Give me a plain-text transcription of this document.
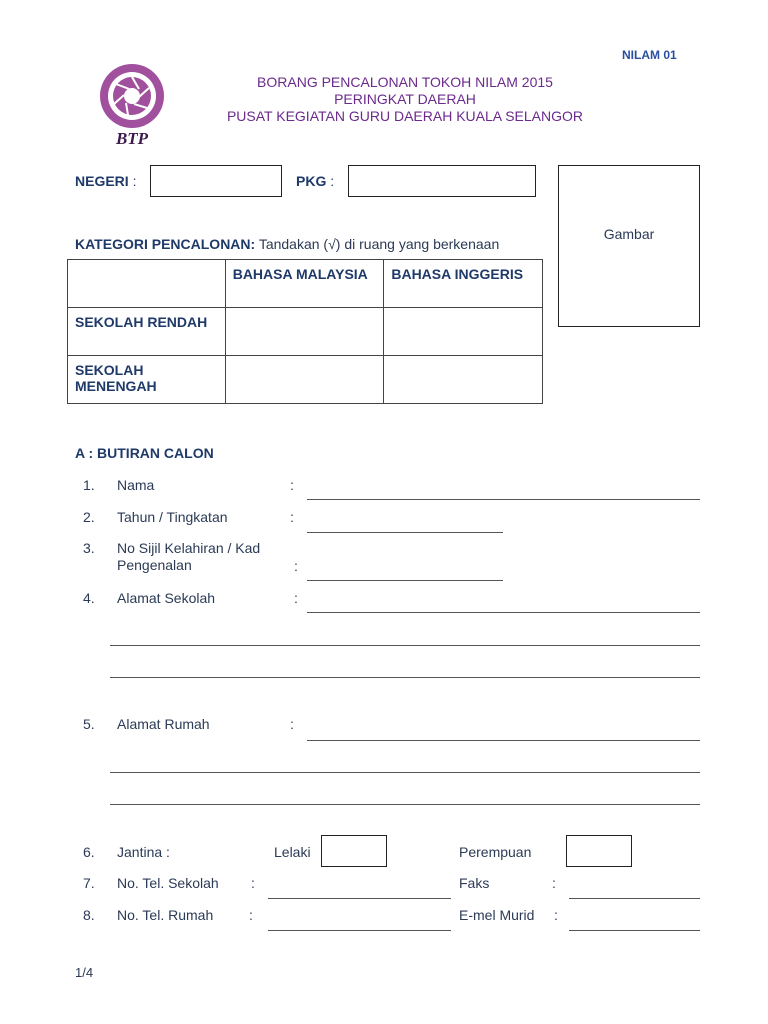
NILAM 01
BTP
BORANG PENCALONAN TOKOH NILAM 2015
PERINGKAT DAERAH
PUSAT KEGIATAN GURU DAERAH KUALA SELANGOR
NEGERI :	PKG :
Gambar
KATEGORI PENCALONAN: Tandakan (√) di ruang yang berkenaan
	BAHASA MALAYSIA	BAHASA INGGERIS
SEKOLAH RENDAH		
SEKOLAH MENENGAH		
A : BUTIRAN CALON
1. Nama	:
2. Tahun / Tingkatan	:
3. No Sijil Kelahiran / Kad Pengenalan	:
4. Alamat Sekolah	:
5. Alamat Rumah	:
6. Jantina :	Lelaki	Perempuan
7. No. Tel. Sekolah :	Faks	:
8. No. Tel. Rumah	:	E-mel Murid :
1/4
